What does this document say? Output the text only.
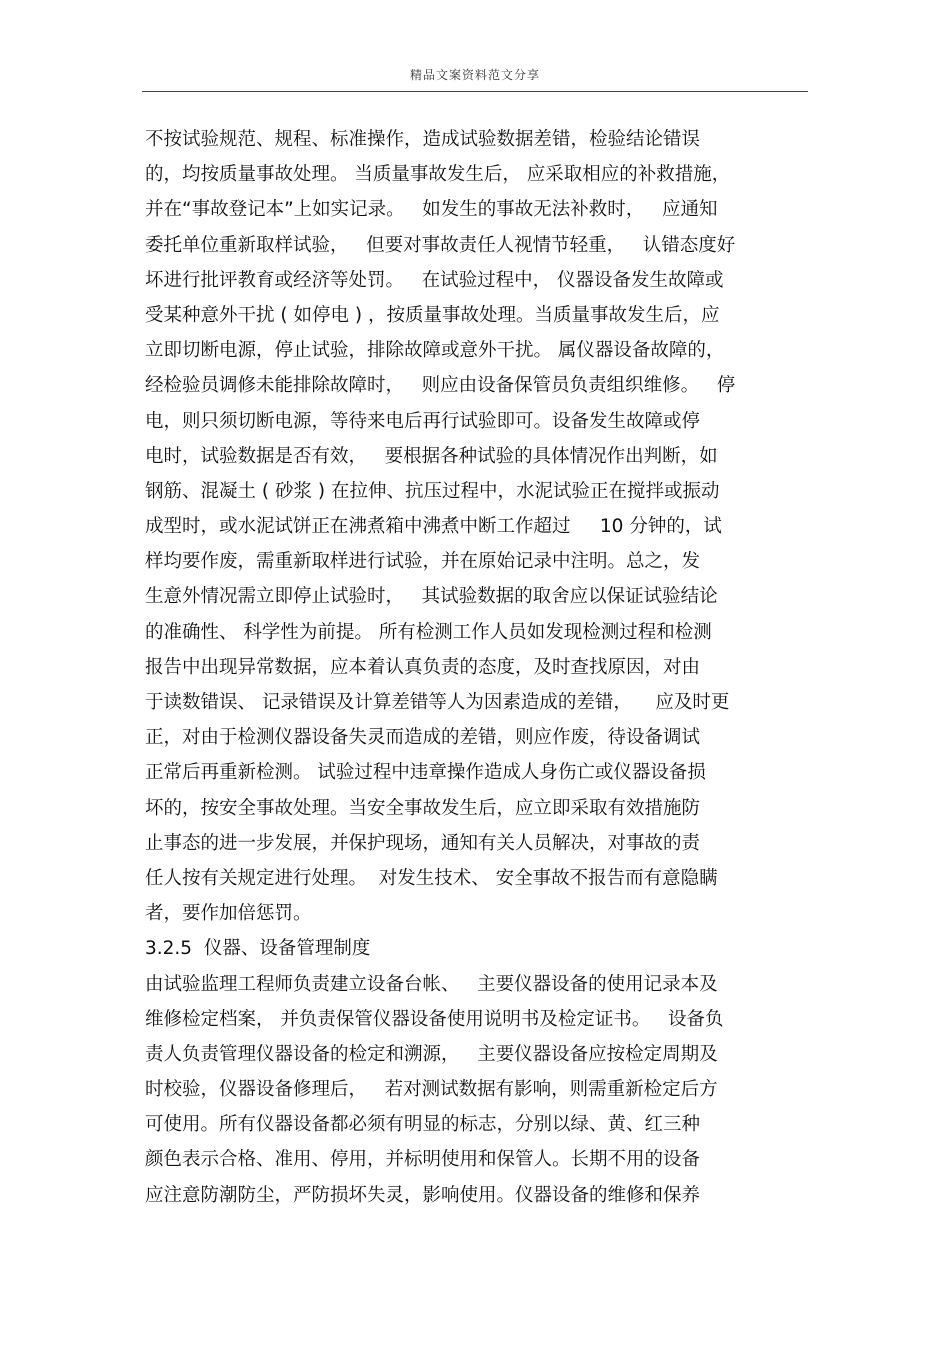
精品文案资料范文分享
不按试验规范、规程、标准操作，造成试验数据差错，检验结论错误
的，均按质量事故处理。 当质量事故发生后， 应采取相应的补救措施，
并在“事故登记本”上如实记录。   如发生的事故无法补救时，   应通知
委托单位重新取样试验，   但要对事故责任人视情节轻重，   认错态度好
坏进行批评教育或经济等处罚。   在试验过程中， 仪器设备发生故障或
受某种意外干扰 ( 如停电 ) ，按质量事故处理。当质量事故发生后，应
立即切断电源，停止试验，排除故障或意外干扰。 属仪器设备故障的，
经检验员调修未能排除故障时，   则应由设备保管员负责组织维修。   停
电，则只须切断电源，等待来电后再行试验即可。设备发生故障或停
电时，试验数据是否有效，   要根据各种试验的具体情况作出判断，如
钢筋、混凝土 ( 砂浆 ) 在拉伸、抗压过程中，水泥试验正在搅拌或振动
成型时，或水泥试饼正在沸煮箱中沸煮中断工作超过     10 分钟的，试
样均要作废，需重新取样进行试验，并在原始记录中注明。总之，发
生意外情况需立即停止试验时，   其试验数据的取舍应以保证试验结论
的准确性、 科学性为前提。 所有检测工作人员如发现检测过程和检测
报告中出现异常数据，应本着认真负责的态度，及时查找原因，对由
于读数错误、 记录错误及计算差错等人为因素造成的差错，    应及时更
正，对由于检测仪器设备失灵而造成的差错，则应作废，待设备调试
正常后再重新检测。 试验过程中违章操作造成人身伤亡或仪器设备损
坏的，按安全事故处理。当安全事故发生后，应立即采取有效措施防
止事态的进一步发展，并保护现场，通知有关人员解决，对事故的责
任人按有关规定进行处理。  对发生技术、 安全事故不报告而有意隐瞒
者，要作加倍惩罚。
3.2.5  仪器、设备管理制度
由试验监理工程师负责建立设备台帐、   主要仪器设备的使用记录本及
维修检定档案， 并负责保管仪器设备使用说明书及检定证书。   设备负
责人负责管理仪器设备的检定和溯源，   主要仪器设备应按检定周期及
时校验，仪器设备修理后，   若对测试数据有影响，则需重新检定后方
可使用。所有仪器设备都必须有明显的标志，分别以绿、黄、红三种
颜色表示合格、准用、停用，并标明使用和保管人。长期不用的设备
应注意防潮防尘，严防损坏失灵，影响使用。仪器设备的维修和保养
